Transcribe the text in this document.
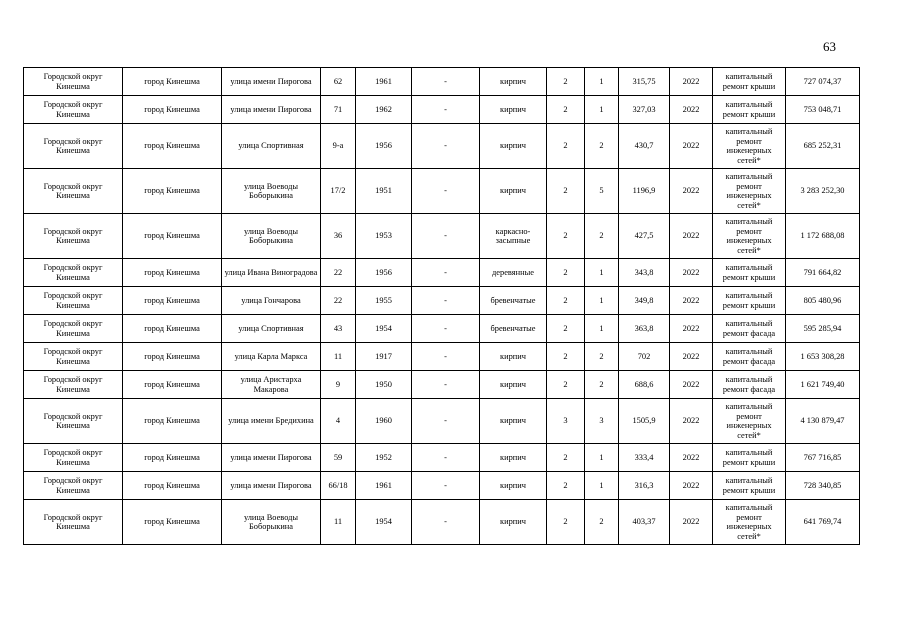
63
Городской округ Кинешма	город Кинешма	улица имени Пирогова	62	1961	-	кирпич	2	1	315,75	2022	капитальный ремонт крыши	727 074,37
Городской округ Кинешма	город Кинешма	улица имени Пирогова	71	1962	-	кирпич	2	1	327,03	2022	капитальный ремонт крыши	753 048,71
Городской округ Кинешма	город Кинешма	улица Спортивная	9-а	1956	-	кирпич	2	2	430,7	2022	капитальный ремонт инженерных сетей*	685 252,31
Городской округ Кинешма	город Кинешма	улица Воеводы Боборыкина	17/2	1951	-	кирпич	2	5	1196,9	2022	капитальный ремонт инженерных сетей*	3 283 252,30
Городской округ Кинешма	город Кинешма	улица Воеводы Боборыкина	36	1953	-	каркасно-засыпные	2	2	427,5	2022	капитальный ремонт инженерных сетей*	1 172 688,08
Городской округ Кинешма	город Кинешма	улица Ивана Виноградова	22	1956	-	деревянные	2	1	343,8	2022	капитальный ремонт крыши	791 664,82
Городской округ Кинешма	город Кинешма	улица Гончарова	22	1955	-	бревенчатые	2	1	349,8	2022	капитальный ремонт крыши	805 480,96
Городской округ Кинешма	город Кинешма	улица Спортивная	43	1954	-	бревенчатые	2	1	363,8	2022	капитальный ремонт фасада	595 285,94
Городской округ Кинешма	город Кинешма	улица Карла Маркса	11	1917	-	кирпич	2	2	702	2022	капитальный ремонт фасада	1 653 308,28
Городской округ Кинешма	город Кинешма	улица Аристарха Макарова	9	1950	-	кирпич	2	2	688,6	2022	капитальный ремонт фасада	1 621 749,40
Городской округ Кинешма	город Кинешма	улица имени Бредихина	4	1960	-	кирпич	3	3	1505,9	2022	капитальный ремонт инженерных сетей*	4 130 879,47
Городской округ Кинешма	город Кинешма	улица имени Пирогова	59	1952	-	кирпич	2	1	333,4	2022	капитальный ремонт крыши	767 716,85
Городской округ Кинешма	город Кинешма	улица имени Пирогова	66/18	1961	-	кирпич	2	1	316,3	2022	капитальный ремонт крыши	728 340,85
Городской округ Кинешма	город Кинешма	улица Воеводы Боборыкина	11	1954	-	кирпич	2	2	403,37	2022	капитальный ремонт инженерных сетей*	641 769,74
